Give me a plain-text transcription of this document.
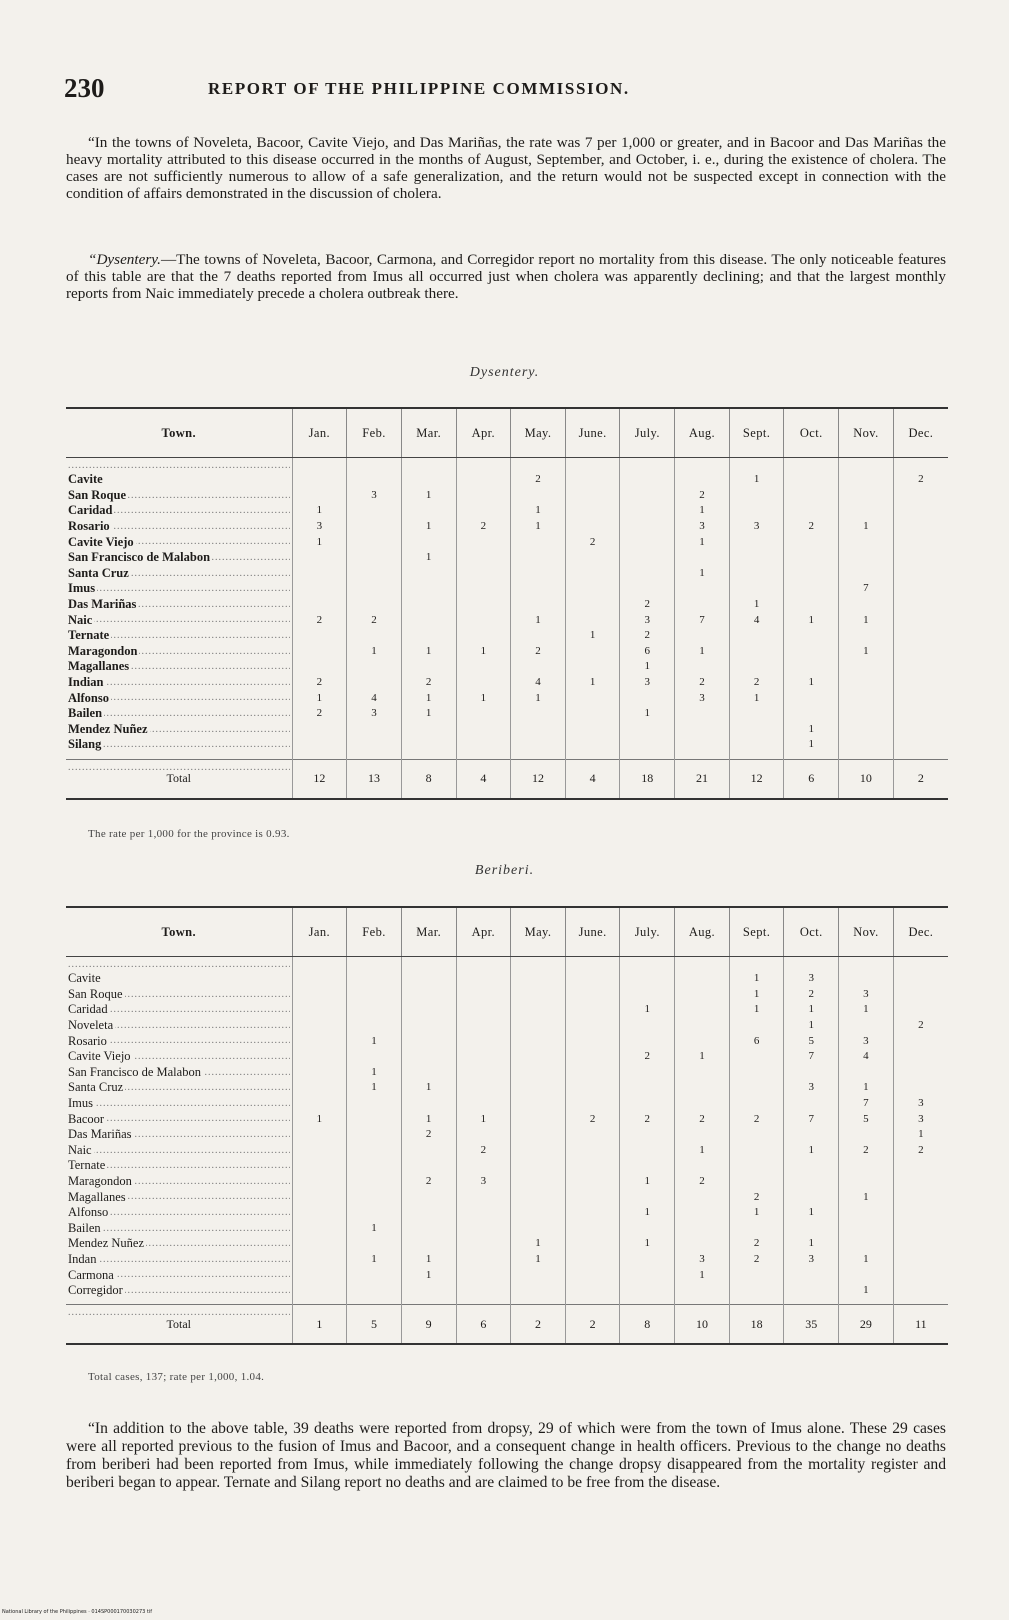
230	REPORT OF THE PHILIPPINE COMMISSION.

“In the towns of Noveleta, Bacoor, Cavite Viejo, and Das Mariñas, the rate was 7 per 1,000 or greater, and in Bacoor and Das Mariñas the heavy mortality attributed to this disease occurred in the months of August, September, and October, i. e., during the existence of cholera. The cases are not sufficiently numerous to allow of a safe generalization, and the return would not be suspected except in connection with the condition of affairs demonstrated in the discussion of cholera.

“Dysentery.—The towns of Noveleta, Bacoor, Carmona, and Corregidor report no mortality from this disease. The only noticeable features of this table are that the 7 deaths reported from Imus all occurred just when cholera was apparently declining; and that the largest monthly reports from Naic immediately precede a cholera outbreak there.

Dysentery.
Town.	Jan.	Feb.	Mar.	Apr.	May.	June.	July.	Aug.	Sept.	Oct.	Nov.	Dec.
Cavite .....					2				1			2
San Roque .....		3	1					2				
Caridad .....	1				1			1				
Rosario .....	3		1	2	1			3	3	2	1	
Cavite Viejo .....	1					2		1				
San Francisco de Malabon .....			1									
Santa Cruz .....								1				
Imus .....											7	
Das Mariñas .....							2		1			
Naic .....	2	2			1		3	7	4	1	1	
Ternate .....						1	2					
Maragondon .....		1	1	1	2		6	1			1	
Magallanes .....							1					
Indian .....	2		2		4	1	3	2	2	1		
Alfonso .....	1	4	1	1	1			3	1			
Bailen .....	2	3	1				1					
Mendez Nuñez .....										1		
Silang .....										1		
Total .....	12	13	8	4	12	4	18	21	12	6	10	2
The rate per 1,000 for the province is 0.93.
Beriberi.
Town.	Jan.	Feb.	Mar.	Apr.	May.	June.	July.	Aug.	Sept.	Oct.	Nov.	Dec.
Cavite .....									1	3		
San Roque .....									1	2	3	
Caridad .....							1		1	1	1	
Noveleta .....										1		2
Rosario .....		1							6	5	3	
Cavite Viejo .....							2	1		7	4	
San Francisco de Malabon .....		1										
Santa Cruz .....		1	1							3	1	
Imus .....											7	3
Bacoor .....	1		1	1		2	2	2	2	7	5	3
Das Mariñas .....			2									1
Naic .....				2				1		1	2	2
Ternate .....												
Maragondon .....			2	3			1	2				
Magallanes .....									2		1	
Alfonso .....							1		1	1		
Bailen .....		1										
Mendez Nuñez .....					1		1		2	1		
Indan .....		1	1		1			3	2	3	1	
Carmona .....			1					1				
Corregidor .....											1	
Total .....	1	5	9	6	2	2	8	10	18	35	29	11
Total cases, 137; rate per 1,000, 1.04.

“In addition to the above table, 39 deaths were reported from dropsy, 29 of which were from the town of Imus alone. These 29 cases were all reported previous to the fusion of Imus and Bacoor, and a consequent change in health officers. Previous to the change no deaths from beriberi had been reported from Imus, while immediately following the change dropsy disappeared from the mortality register and beriberi began to appear. Ternate and Silang report no deaths and are claimed to be free from the disease.

National Library of the Philippines · 014SP000170030273 tif
